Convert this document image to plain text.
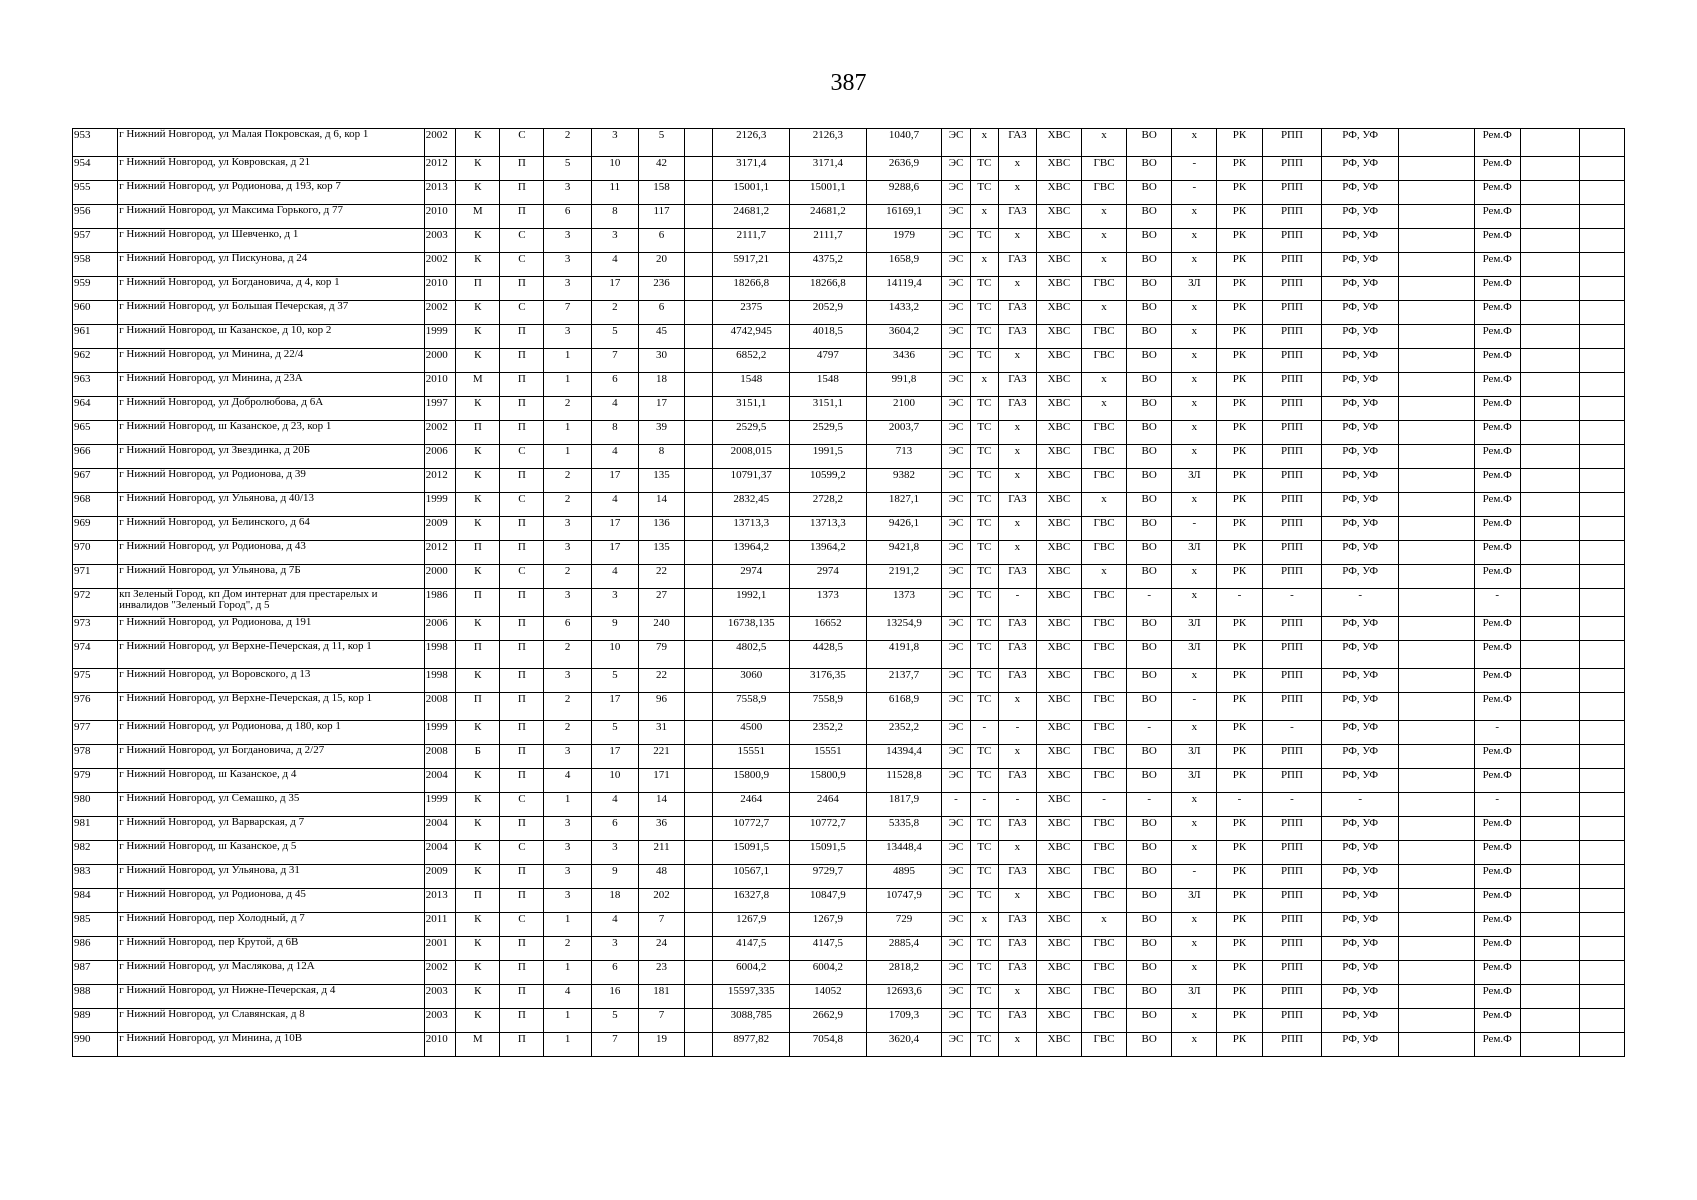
387
953	г Нижний Новгород, ул Малая Покровская, д 6, кор 1	2002	К	С	2	3	5		2126,3	2126,3	1040,7	ЭС	х	ГАЗ	ХВС	х	ВО	х	РК	РПП	РФ, УФ		Рем.Ф		
954	г Нижний Новгород, ул Ковровская, д 21	2012	К	П	5	10	42		3171,4	3171,4	2636,9	ЭС	ТС	х	ХВС	ГВС	ВО	-	РК	РПП	РФ, УФ		Рем.Ф		
955	г Нижний Новгород, ул Родионова, д 193, кор 7	2013	К	П	3	11	158		15001,1	15001,1	9288,6	ЭС	ТС	х	ХВС	ГВС	ВО	-	РК	РПП	РФ, УФ		Рем.Ф		
956	г Нижний Новгород, ул Максима Горького, д 77	2010	М	П	6	8	117		24681,2	24681,2	16169,1	ЭС	х	ГАЗ	ХВС	х	ВО	х	РК	РПП	РФ, УФ		Рем.Ф		
957	г Нижний Новгород, ул Шевченко, д 1	2003	К	С	3	3	6		2111,7	2111,7	1979	ЭС	ТС	х	ХВС	х	ВО	х	РК	РПП	РФ, УФ		Рем.Ф		
958	г Нижний Новгород, ул Пискунова, д 24	2002	К	С	3	4	20		5917,21	4375,2	1658,9	ЭС	х	ГАЗ	ХВС	х	ВО	х	РК	РПП	РФ, УФ		Рем.Ф		
959	г Нижний Новгород, ул Богдановича, д 4, кор 1	2010	П	П	3	17	236		18266,8	18266,8	14119,4	ЭС	ТС	х	ХВС	ГВС	ВО	ЗЛ	РК	РПП	РФ, УФ		Рем.Ф		
960	г Нижний Новгород, ул Большая Печерская, д 37	2002	К	С	7	2	6		2375	2052,9	1433,2	ЭС	ТС	ГАЗ	ХВС	х	ВО	х	РК	РПП	РФ, УФ		Рем.Ф		
961	г Нижний Новгород, ш Казанское, д 10, кор 2	1999	К	П	3	5	45		4742,945	4018,5	3604,2	ЭС	ТС	ГАЗ	ХВС	ГВС	ВО	х	РК	РПП	РФ, УФ		Рем.Ф		
962	г Нижний Новгород, ул Минина, д 22/4	2000	К	П	1	7	30		6852,2	4797	3436	ЭС	ТС	х	ХВС	ГВС	ВО	х	РК	РПП	РФ, УФ		Рем.Ф		
963	г Нижний Новгород, ул Минина, д 23А	2010	М	П	1	6	18		1548	1548	991,8	ЭС	х	ГАЗ	ХВС	х	ВО	х	РК	РПП	РФ, УФ		Рем.Ф		
964	г Нижний Новгород, ул Добролюбова, д 6А	1997	К	П	2	4	17		3151,1	3151,1	2100	ЭС	ТС	ГАЗ	ХВС	х	ВО	х	РК	РПП	РФ, УФ		Рем.Ф		
965	г Нижний Новгород, ш Казанское, д 23, кор 1	2002	П	П	1	8	39		2529,5	2529,5	2003,7	ЭС	ТС	х	ХВС	ГВС	ВО	х	РК	РПП	РФ, УФ		Рем.Ф		
966	г Нижний Новгород, ул Звездинка, д 20Б	2006	К	С	1	4	8		2008,015	1991,5	713	ЭС	ТС	х	ХВС	ГВС	ВО	х	РК	РПП	РФ, УФ		Рем.Ф		
967	г Нижний Новгород, ул Родионова, д 39	2012	К	П	2	17	135		10791,37	10599,2	9382	ЭС	ТС	х	ХВС	ГВС	ВО	ЗЛ	РК	РПП	РФ, УФ		Рем.Ф		
968	г Нижний Новгород, ул Ульянова, д 40/13	1999	К	С	2	4	14		2832,45	2728,2	1827,1	ЭС	ТС	ГАЗ	ХВС	х	ВО	х	РК	РПП	РФ, УФ		Рем.Ф		
969	г Нижний Новгород, ул Белинского, д 64	2009	К	П	3	17	136		13713,3	13713,3	9426,1	ЭС	ТС	х	ХВС	ГВС	ВО	-	РК	РПП	РФ, УФ		Рем.Ф		
970	г Нижний Новгород, ул Родионова, д 43	2012	П	П	3	17	135		13964,2	13964,2	9421,8	ЭС	ТС	х	ХВС	ГВС	ВО	ЗЛ	РК	РПП	РФ, УФ		Рем.Ф		
971	г Нижний Новгород, ул Ульянова, д 7Б	2000	К	С	2	4	22		2974	2974	2191,2	ЭС	ТС	ГАЗ	ХВС	х	ВО	х	РК	РПП	РФ, УФ		Рем.Ф		
972	кп Зеленый Город, кп Дом интернат для престарелых и инвалидов "Зеленый Город", д 5	1986	П	П	3	3	27		1992,1	1373	1373	ЭС	ТС	-	ХВС	ГВС	-	х	-	-	-		-		
973	г Нижний Новгород, ул Родионова, д 191	2006	К	П	6	9	240		16738,135	16652	13254,9	ЭС	ТС	ГАЗ	ХВС	ГВС	ВО	ЗЛ	РК	РПП	РФ, УФ		Рем.Ф		
974	г Нижний Новгород, ул Верхне-Печерская, д 11, кор 1	1998	П	П	2	10	79		4802,5	4428,5	4191,8	ЭС	ТС	ГАЗ	ХВС	ГВС	ВО	ЗЛ	РК	РПП	РФ, УФ		Рем.Ф		
975	г Нижний Новгород, ул Воровского, д 13	1998	К	П	3	5	22		3060	3176,35	2137,7	ЭС	ТС	ГАЗ	ХВС	ГВС	ВО	х	РК	РПП	РФ, УФ		Рем.Ф		
976	г Нижний Новгород, ул Верхне-Печерская, д 15, кор 1	2008	П	П	2	17	96		7558,9	7558,9	6168,9	ЭС	ТС	х	ХВС	ГВС	ВО	-	РК	РПП	РФ, УФ		Рем.Ф		
977	г Нижний Новгород, ул Родионова, д 180, кор 1	1999	К	П	2	5	31		4500	2352,2	2352,2	ЭС	-	-	ХВС	ГВС	-	х	РК	-	РФ, УФ		-		
978	г Нижний Новгород, ул Богдановича, д 2/27	2008	Б	П	3	17	221		15551	15551	14394,4	ЭС	ТС	х	ХВС	ГВС	ВО	ЗЛ	РК	РПП	РФ, УФ		Рем.Ф		
979	г Нижний Новгород, ш Казанское, д 4	2004	К	П	4	10	171		15800,9	15800,9	11528,8	ЭС	ТС	ГАЗ	ХВС	ГВС	ВО	ЗЛ	РК	РПП	РФ, УФ		Рем.Ф		
980	г Нижний Новгород, ул Семашко, д 35	1999	К	С	1	4	14		2464	2464	1817,9	-	-	-	ХВС	-	-	х	-	-	-		-		
981	г Нижний Новгород, ул Варварская, д 7	2004	К	П	3	6	36		10772,7	10772,7	5335,8	ЭС	ТС	ГАЗ	ХВС	ГВС	ВО	х	РК	РПП	РФ, УФ		Рем.Ф		
982	г Нижний Новгород, ш Казанское, д 5	2004	К	С	3	3	211		15091,5	15091,5	13448,4	ЭС	ТС	х	ХВС	ГВС	ВО	х	РК	РПП	РФ, УФ		Рем.Ф		
983	г Нижний Новгород, ул Ульянова, д 31	2009	К	П	3	9	48		10567,1	9729,7	4895	ЭС	ТС	ГАЗ	ХВС	ГВС	ВО	-	РК	РПП	РФ, УФ		Рем.Ф		
984	г Нижний Новгород, ул Родионова, д 45	2013	П	П	3	18	202		16327,8	10847,9	10747,9	ЭС	ТС	х	ХВС	ГВС	ВО	ЗЛ	РК	РПП	РФ, УФ		Рем.Ф		
985	г Нижний Новгород, пер Холодный, д 7	2011	К	С	1	4	7		1267,9	1267,9	729	ЭС	х	ГАЗ	ХВС	х	ВО	х	РК	РПП	РФ, УФ		Рем.Ф		
986	г Нижний Новгород, пер Крутой, д 6В	2001	К	П	2	3	24		4147,5	4147,5	2885,4	ЭС	ТС	ГАЗ	ХВС	ГВС	ВО	х	РК	РПП	РФ, УФ		Рем.Ф		
987	г Нижний Новгород, ул Маслякова, д 12А	2002	К	П	1	6	23		6004,2	6004,2	2818,2	ЭС	ТС	ГАЗ	ХВС	ГВС	ВО	х	РК	РПП	РФ, УФ		Рем.Ф		
988	г Нижний Новгород, ул Нижне-Печерская, д 4	2003	К	П	4	16	181		15597,335	14052	12693,6	ЭС	ТС	х	ХВС	ГВС	ВО	ЗЛ	РК	РПП	РФ, УФ		Рем.Ф		
989	г Нижний Новгород, ул Славянская, д 8	2003	К	П	1	5	7		3088,785	2662,9	1709,3	ЭС	ТС	ГАЗ	ХВС	ГВС	ВО	х	РК	РПП	РФ, УФ		Рем.Ф		
990	г Нижний Новгород, ул Минина, д 10В	2010	М	П	1	7	19		8977,82	7054,8	3620,4	ЭС	ТС	х	ХВС	ГВС	ВО	х	РК	РПП	РФ, УФ		Рем.Ф		
